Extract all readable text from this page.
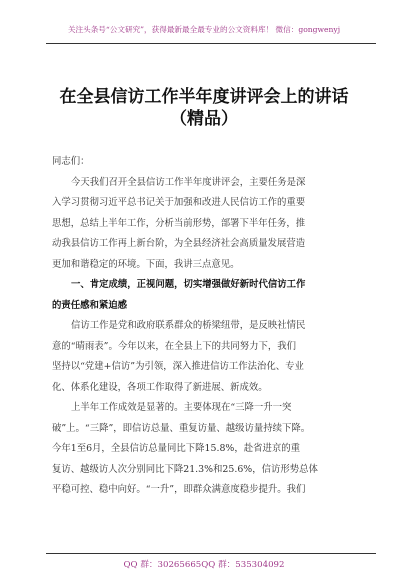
关注头条号“公文研究”，获得最新最全最专业的公文资料库！ 微信：gongwenyj
在全县信访工作半年度讲评会上的讲话
（精品）
同志们：
今天我们召开全县信访工作半年度讲评会，主要任务是深
入学习贯彻习近平总书记关于加强和改进人民信访工作的重要
思想，总结上半年工作，分析当前形势，部署下半年任务，推
动我县信访工作再上新台阶，为全县经济社会高质量发展营造
更加和谐稳定的环境。下面，我讲三点意见。
一、肯定成绩，正视问题，切实增强做好新时代信访工作
的责任感和紧迫感
信访工作是党和政府联系群众的桥梁纽带，是反映社情民
意的“晴雨表”。今年以来，在全县上下的共同努力下，我们
坚持以“党建+信访”为引领，深入推进信访工作法治化、专业
化、体系化建设，各项工作取得了新进展、新成效。
上半年工作成效是显著的。主要体现在“三降一升一突
破”上。“三降”，即信访总量、重复访量、越级访量持续下降。
今年1至6月，全县信访总量同比下降15.8%，赴省进京的重
复访、越级访人次分别同比下降21.3%和25.6%，信访形势总体
平稳可控、稳中向好。“一升”，即群众满意度稳步提升。我们
QQ 群：30265665QQ 群：535304092
